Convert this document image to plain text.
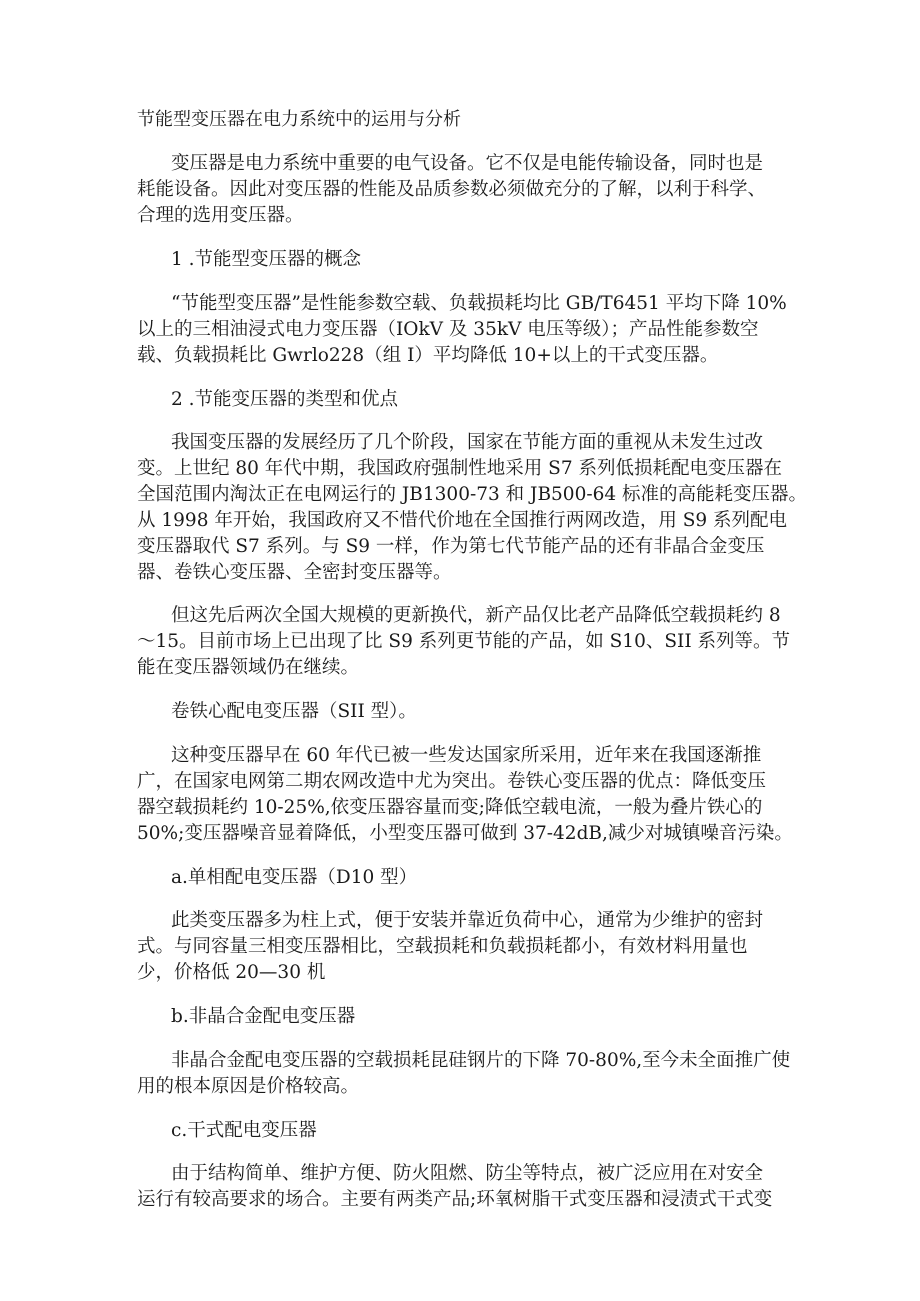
节能型变压器在电力系统中的运用与分析
变压器是电力系统中重要的电气设备。它不仅是电能传输设备，同时也是
耗能设备。因此对变压器的性能及品质参数必须做充分的了解，以利于科学、
合理的选用变压器。
1 .节能型变压器的概念
“节能型变压器”是性能参数空载、负载损耗均比 GB/T6451 平均下降 10%
以上的三相油浸式电力变压器（IOkV 及 35kV 电压等级）；产品性能参数空
载、负载损耗比 Gwrlo228（组 I）平均降低 10+以上的干式变压器。
2 .节能变压器的类型和优点
我国变压器的发展经历了几个阶段，国家在节能方面的重视从未发生过改
变。上世纪 80 年代中期，我国政府强制性地采用 S7 系列低损耗配电变压器在
全国范围内淘汰正在电网运行的 JB1300-73 和 JB500-64 标准的高能耗变压器。
从 1998 年开始，我国政府又不惜代价地在全国推行两网改造，用 S9 系列配电
变压器取代 S7 系列。与 S9 一样，作为第七代节能产品的还有非晶合金变压
器、卷铁心变压器、全密封变压器等。
但这先后两次全国大规模的更新换代，新产品仅比老产品降低空载损耗约 8
～15。目前市场上已出现了比 S9 系列更节能的产品，如 S10、SII 系列等。节
能在变压器领域仍在继续。
卷铁心配电变压器（SII 型）。
这种变压器早在 60 年代已被一些发达国家所采用，近年来在我国逐渐推
广，在国家电网第二期农网改造中尤为突出。卷铁心变压器的优点：降低变压
器空载损耗约 10-25%,依变压器容量而变;降低空载电流，一般为叠片铁心的
50%;变压器噪音显着降低，小型变压器可做到 37-42dB,减少对城镇噪音污染。
a.单相配电变压器（D10 型）
此类变压器多为柱上式，便于安装并靠近负荷中心，通常为少维护的密封
式。与同容量三相变压器相比，空载损耗和负载损耗都小，有效材料用量也
少，价格低 20—30 机
b.非晶合金配电变压器
非晶合金配电变压器的空载损耗昆硅钢片的下降 70-80%,至今未全面推广使
用的根本原因是价格较高。
c.干式配电变压器
由于结构简单、维护方便、防火阻燃、防尘等特点，被广泛应用在对安全
运行有较高要求的场合。主要有两类产品;环氧树脂干式变压器和浸渍式干式变
